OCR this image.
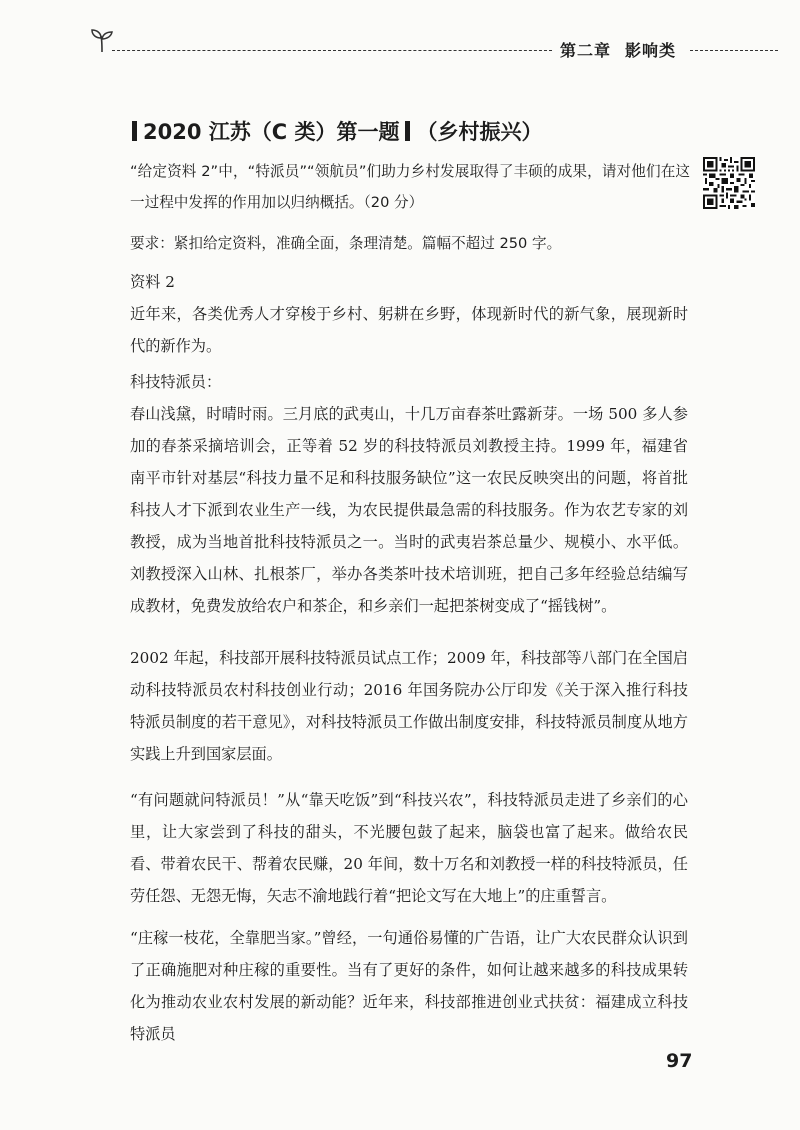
第二章 影响类
2020 江苏（C 类）第一题 （乡村振兴）
“给定资料 2”中，“特派员”“领航员”们助力乡村发展取得了丰硕的成果，请对他们在这一过程中发挥的作用加以归纳概括。（20 分）
要求：紧扣给定资料，准确全面，条理清楚。篇幅不超过 250 字。
资料 2
近年来，各类优秀人才穿梭于乡村、躬耕在乡野，体现新时代的新气象，展现新时代的新作为。
科技特派员：
春山浅黛，时晴时雨。三月底的武夷山，十几万亩春茶吐露新芽。一场 500 多人参加的春茶采摘培训会，正等着 52 岁的科技特派员刘教授主持。1999 年，福建省南平市针对基层“科技力量不足和科技服务缺位”这一农民反映突出的问题，将首批科技人才下派到农业生产一线，为农民提供最急需的科技服务。作为农艺专家的刘教授，成为当地首批科技特派员之一。当时的武夷岩茶总量少、规模小、水平低。刘教授深入山林、扎根茶厂，举办各类茶叶技术培训班，把自己多年经验总结编写成教材，免费发放给农户和茶企，和乡亲们一起把茶树变成了“摇钱树”。
2002 年起，科技部开展科技特派员试点工作；2009 年，科技部等八部门在全国启动科技特派员农村科技创业行动；2016 年国务院办公厅印发《关于深入推行科技特派员制度的若干意见》，对科技特派员工作做出制度安排，科技特派员制度从地方实践上升到国家层面。
“有问题就问特派员！”从“靠天吃饭”到“科技兴农”，科技特派员走进了乡亲们的心里，让大家尝到了科技的甜头，不光腰包鼓了起来，脑袋也富了起来。做给农民看、带着农民干、帮着农民赚，20 年间，数十万名和刘教授一样的科技特派员，任劳任怨、无怨无悔，矢志不渝地践行着“把论文写在大地上”的庄重誓言。
“庄稼一枝花，全靠肥当家。”曾经，一句通俗易懂的广告语，让广大农民群众认识到了正确施肥对种庄稼的重要性。当有了更好的条件，如何让越来越多的科技成果转化为推动农业农村发展的新动能？近年来，科技部推进创业式扶贫：福建成立科技特派员
97
